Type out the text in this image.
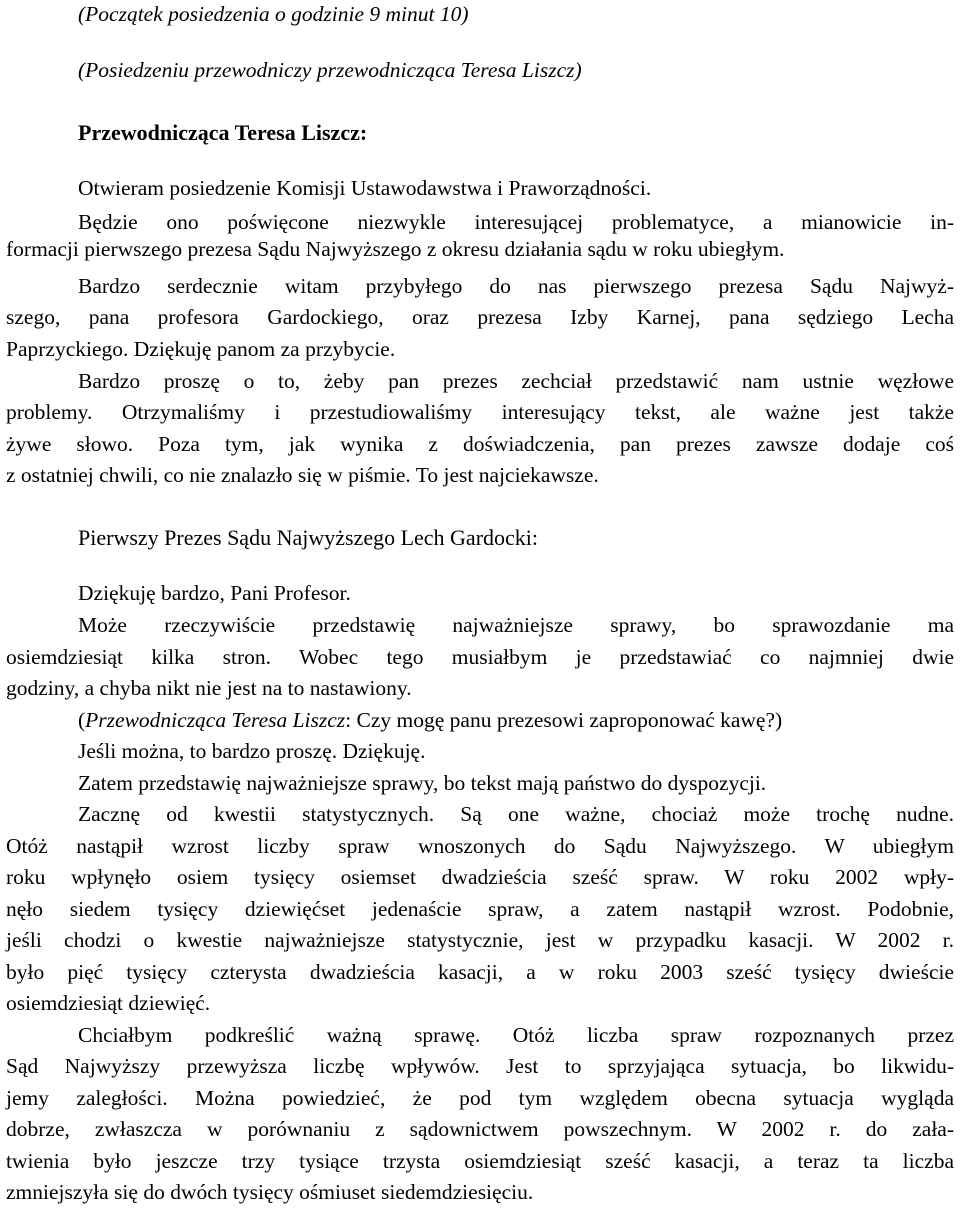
(Początek posiedzenia o godzinie 9 minut 10)

(Posiedzeniu przewodniczy przewodnicząca Teresa Liszcz)

Przewodnicząca Teresa Liszcz:

Otwieram posiedzenie Komisji Ustawodawstwa i Praworządności.

Będzie ono poświęcone niezwykle interesującej problematyce, a mianowicie in-

formacji pierwszego prezesa Sądu Najwyższego z okresu działania sądu w roku ubiegłym.

Bardzo serdecznie witam przybyłego do nas pierwszego prezesa Sądu Najwyż-

szego, pana profesora Gardockiego, oraz prezesa Izby Karnej, pana sędziego Lecha

Paprzyckiego. Dziękuję panom za przybycie.

Bardzo proszę o to, żeby pan prezes zechciał przedstawić nam ustnie węzłowe

problemy. Otrzymaliśmy i przestudiowaliśmy interesujący tekst, ale ważne jest także

żywe słowo. Poza tym, jak wynika z doświadczenia, pan prezes zawsze dodaje coś

z ostatniej chwili, co nie znalazło się w piśmie. To jest najciekawsze.

Pierwszy Prezes Sądu Najwyższego Lech Gardocki:

Dziękuję bardzo, Pani Profesor.

Może rzeczywiście przedstawię najważniejsze sprawy, bo sprawozdanie ma

osiemdziesiąt kilka stron. Wobec tego musiałbym je przedstawiać co najmniej dwie

godziny, a chyba nikt nie jest na to nastawiony.

(Przewodnicząca Teresa Liszcz: Czy mogę panu prezesowi zaproponować kawę?)

Jeśli można, to bardzo proszę. Dziękuję.

Zatem przedstawię najważniejsze sprawy, bo tekst mają państwo do dyspozycji.

Zacznę od kwestii statystycznych. Są one ważne, chociaż może trochę nudne.

Otóż nastąpił wzrost liczby spraw wnoszonych do Sądu Najwyższego. W ubiegłym

roku wpłynęło osiem tysięcy osiemset dwadzieścia sześć spraw. W roku 2002 wpły-

nęło siedem tysięcy dziewięćset jedenaście spraw, a zatem nastąpił wzrost. Podobnie,

jeśli chodzi o kwestie najważniejsze statystycznie, jest w przypadku kasacji. W 2002 r.

było pięć tysięcy czterysta dwadzieścia kasacji, a w roku 2003 sześć tysięcy dwieście

osiemdziesiąt dziewięć.

Chciałbym podkreślić ważną sprawę. Otóż liczba spraw rozpoznanych przez

Sąd Najwyższy przewyższa liczbę wpływów. Jest to sprzyjająca sytuacja, bo likwidu-

jemy zaległości. Można powiedzieć, że pod tym względem obecna sytuacja wygląda

dobrze, zwłaszcza w porównaniu z sądownictwem powszechnym. W 2002 r. do zała-

twienia było jeszcze trzy tysiące trzysta osiemdziesiąt sześć kasacji, a teraz ta liczba

zmniejszyła się do dwóch tysięcy ośmiuset siedemdziesięciu.
